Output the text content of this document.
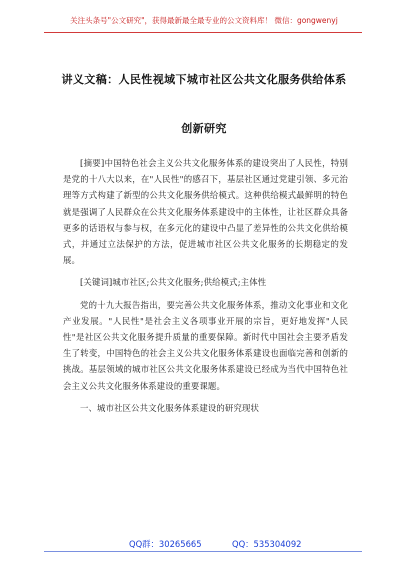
关注头条号"公文研究"，获得最新最全最专业的公文资料库！ 微信：gongwenyj
讲义文稿：人民性视域下城市社区公共文化服务供给体系
创新研究

[摘要]中国特色社会主义公共文化服务体系的建设突出了人民性，特别是党的十八大以来，在"人民性"的感召下，基层社区通过党建引领、多元治理等方式构建了新型的公共文化服务供给模式。这种供给模式最鲜明的特色就是强调了人民群众在公共文化服务体系建设中的主体性，让社区群众具备更多的话语权与参与权，在多元化的建设中凸显了差异性的公共文化供给模式，并通过立法保护的方法，促进城市社区公共文化服务的长期稳定的发展。

[关键词]城市社区;公共文化服务;供给模式;主体性

党的十九大报告指出，要完善公共文化服务体系，推动文化事业和文化产业发展。"人民性"是社会主义各项事业开展的宗旨，更好地发挥"人民性"是社区公共文化服务提升质量的重要保障。新时代中国社会主要矛盾发生了转变，中国特色的社会主义公共文化服务体系建设也面临完善和创新的挑战。基层领域的城市社区公共文化服务体系建设已经成为当代中国特色社会主义公共文化服务体系建设的重要课题。

一、城市社区公共文化服务体系建设的研究现状

QQ群：30265665	QQ：535304092
